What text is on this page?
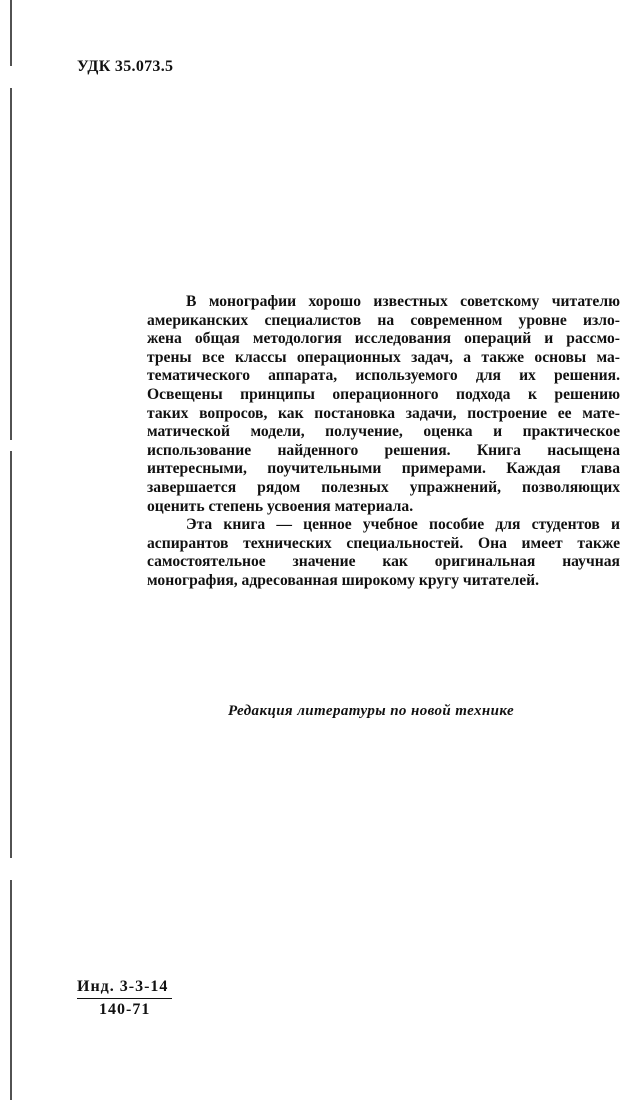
УДК 35.073.5
В монографии хорошо известных советскому читателю
американских специалистов на современном уровне изло-
жена общая методология исследования операций и рассмо-
трены все классы операционных задач, а также основы ма-
тематического аппарата, используемого для их решения.
Освещены принципы операционного подхода к решению
таких вопросов, как постановка задачи, построение ее мате-
матической модели, получение, оценка и практическое
использование найденного решения. Книга насыщена
интересными, поучительными примерами. Каждая глава
завершается рядом полезных упражнений, позволяющих
оценить степень усвоения материала.
Эта книга — ценное учебное пособие для студентов и
аспирантов технических специальностей. Она имеет также
самостоятельное значение как оригинальная научная
монография, адресованная широкому кругу читателей.
Редакция литературы по новой технике
Инд. 3-3-14
140-71
